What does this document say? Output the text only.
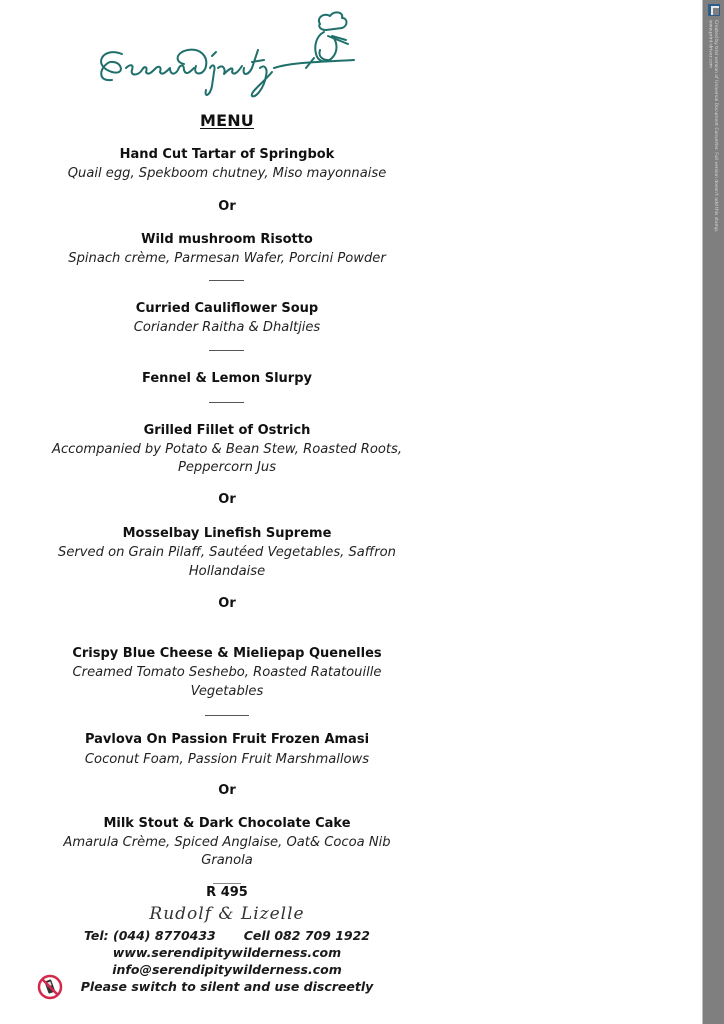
MENU
Hand Cut Tartar of Springbok
Quail egg, Spekboom chutney, Miso mayonnaise
Or
Wild mushroom Risotto
Spinach crème, Parmesan Wafer, Porcini Powder
Curried Cauliflower Soup
Coriander Raitha & Dhaltjies
Fennel & Lemon Slurpy
Grilled Fillet of Ostrich
Accompanied by Potato & Bean Stew, Roasted Roots,
Peppercorn Jus
Or
Mosselbay Linefish Supreme
Served on Grain Pilaff, Sautéed Vegetables, Saffron
Hollandaise
Or
Crispy Blue Cheese & Mieliepap Quenelles
Creamed Tomato Seshebo, Roasted Ratatouille
Vegetables
Pavlova On Passion Fruit Frozen Amasi
Coconut Foam, Passion Fruit Marshmallows
Or
Milk Stout & Dark Chocolate Cake
Amarula Crème, Spiced Anglaise, Oat& Cocoa Nib
Granola
R 495
Rudolf & Lizelle
Tel: (044) 8770433 Cell 082 709 1922
www.serendipitywilderness.com
info@serendipitywilderness.com
Please switch to silent and use discreetly
Created by trial version of Universal Document Converter. Full version doesn't add this stamp.
www.print-driver.com
